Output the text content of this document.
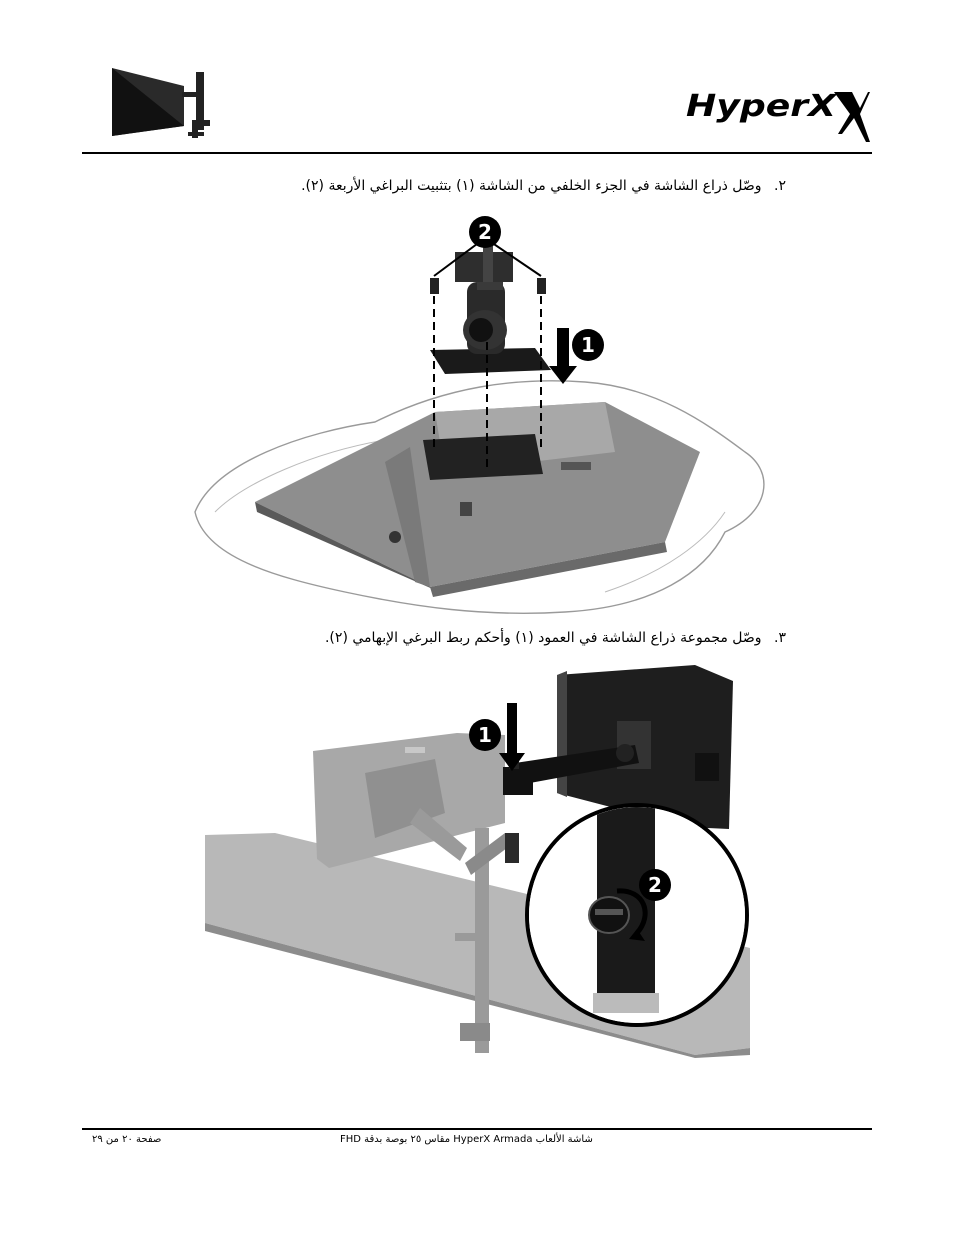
HyperX
٢. وصّل ذراع الشاشة في الجزء الخلفي من الشاشة (١) بتثبيت البراغي الأربعة (٢).
2
1
٣. وصّل مجموعة ذراع الشاشة في العمود (١) وأحكم ربط البرغي الإبهامي (٢).
1
2
صفحة ٢٠ من ٢٩	شاشة الألعاب HyperX Armada مقاس ٢٥ بوصة بدقة FHD
